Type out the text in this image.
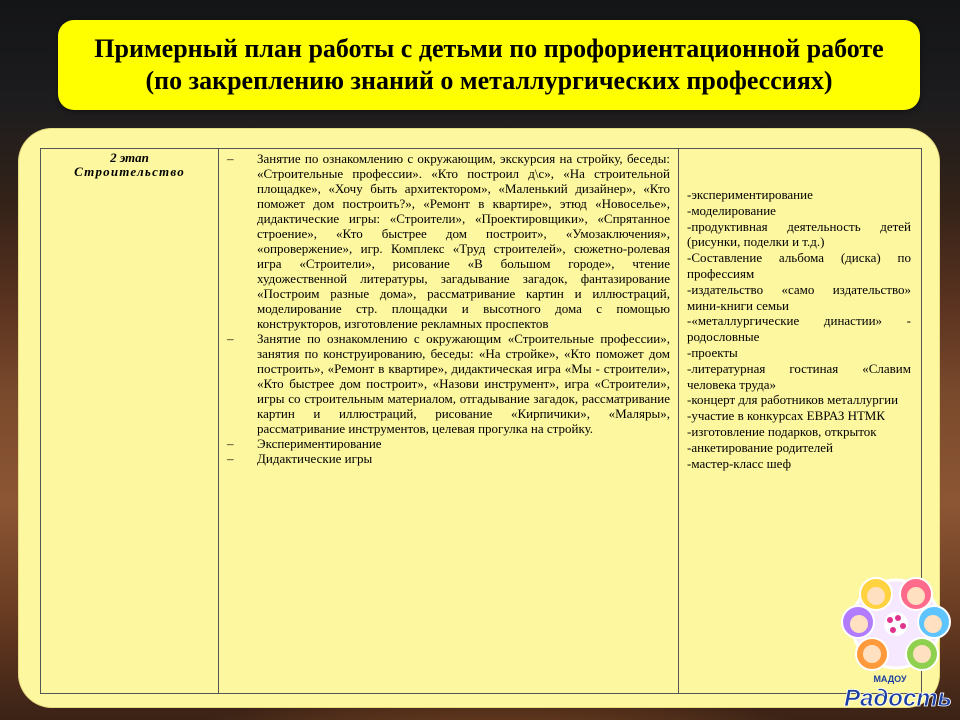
Примерный план работы с детьми по профориентационной работе
(по закреплению знаний о металлургических профессиях)
2 этап
Строительство
– Занятие по ознакомлению с окружающим, экскурсия на стройку, беседы: «Строительные профессии». «Кто построил д\с», «На строительной площадке», «Хочу быть архитектором», «Маленький дизайнер», «Кто поможет дом построить?», «Ремонт в квартире», этюд «Новоселье», дидактические игры: «Строители», «Проектировщики», «Спрятанное строение», «Кто быстрее дом построит», «Умозаключения», «опровержение», игр. Комплекс «Труд строителей», сюжетно-ролевая игра «Строители», рисование «В большом городе», чтение художественной литературы, загадывание загадок, фантазирование «Построим разные дома», рассматривание картин и иллюстраций, моделирование стр. площадки и высотного дома с помощью конструкторов, изготовление рекламных проспектов
– Занятие по ознакомлению с окружающим «Строительные профессии», занятия по конструированию, беседы: «На стройке», «Кто поможет дом построить», «Ремонт в квартире», дидактическая игра «Мы - строители», «Кто быстрее дом построит», «Назови инструмент», игра «Строители», игры со строительным материалом, отгадывание загадок, рассматривание картин и иллюстраций, рисование «Кирпичики», «Маляры», рассматривание инструментов, целевая прогулка на стройку.
– Экспериментирование
– Дидактические игры
-экспериментирование
-моделирование
-продуктивная деятельность детей (рисунки, поделки и т.д.)
-Составление альбома (диска) по профессиям
-издательство «само издательство» мини-книги семьи
-«металлургические династии» - родословные
-проекты
-литературная гостиная «Славим человека труда»
-концерт для работников металлургии
-участие в конкурсах ЕВРАЗ НТМК
-изготовление подарков, открыток
-анкетирование родителей
-мастер-класс шеф
МАДОУ
Радость
